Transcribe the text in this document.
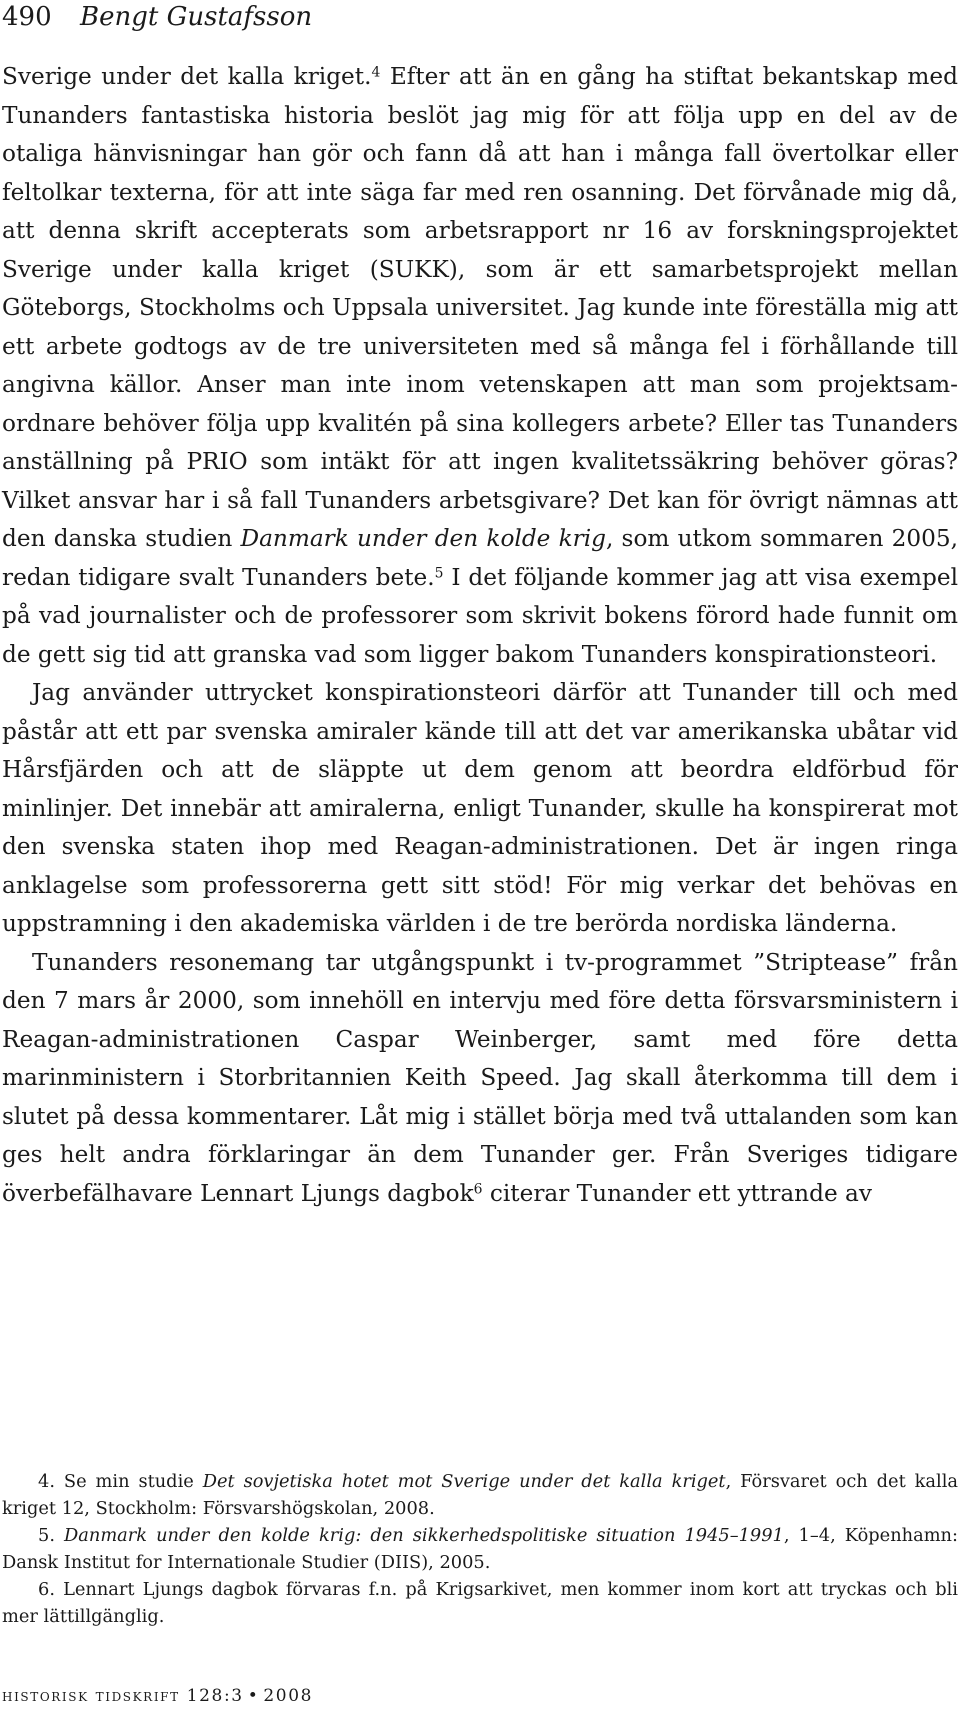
490 Bengt Gustafsson

Sverige under det kalla kriget.$^4$ Efter att än en gång ha stiftat bekantskap med Tunanders fantastiska historia beslöt jag mig för att följa upp en del av de otaliga hänvisningar han gör och fann då att han i många fall övertolkar eller feltolkar texterna, för att inte säga far med ren osanning. Det förvånade mig då, att denna skrift accepterats som arbetsrapport nr 16 av forskningsprojektet Sverige under kalla kriget (SUKK), som är ett samarbetsprojekt mellan Göteborgs, Stockholms och Uppsala universitet. Jag kunde inte föreställa mig att ett arbete godtogs av de tre universiteten med så många fel i förhållande till angivna källor. Anser man inte inom vetenskapen att man som projektsamordnare behöver följa upp kvalitén på sina kollegers arbete? Eller tas Tunanders anställning på PRIO som intäkt för att ingen kvalitetssäkring behöver göras? Vilket ansvar har i så fall Tunanders arbetsgivare? Det kan för övrigt nämnas att den danska studien Danmark under den kolde krig, som utkom sommaren 2005, redan tidigare svalt Tunanders bete.$^5$ I det följande kommer jag att visa exempel på vad journalister och de professorer som skrivit bokens förord hade funnit om de gett sig tid att granska vad som ligger bakom Tunanders konspirationsteori.

Jag använder uttrycket konspirationsteori därför att Tunander till och med påstår att ett par svenska amiraler kände till att det var amerikanska ubåtar vid Hårsfjärden och att de släppte ut dem genom att beordra eldförbud för minlinjer. Det innebär att amiralerna, enligt Tunander, skulle ha konspirerat mot den svenska staten ihop med Reagan-administrationen. Det är ingen ringa anklagelse som professorerna gett sitt stöd! För mig verkar det behövas en uppstramning i den akademiska världen i de tre berörda nordiska länderna.

Tunanders resonemang tar utgångspunkt i tv-programmet ”Striptease” från den 7 mars år 2000, som innehöll en intervju med före detta försvarsministern i Reagan-administrationen Caspar Weinberger, samt med före detta marinministern i Storbritannien Keith Speed. Jag skall återkomma till dem i slutet på dessa kommentarer. Låt mig i stället börja med två uttalanden som kan ges helt andra förklaringar än dem Tunander ger. Från Sveriges tidigare överbefälhavare Lennart Ljungs dagbok$^6$ citerar Tunander ett yttrande av

4. Se min studie Det sovjetiska hotet mot Sverige under det kalla kriget, Försvaret och det kalla kriget 12, Stockholm: Försvarshögskolan, 2008.

5. Danmark under den kolde krig: den sikkerhedspolitiske situation 1945–1991, 1–4, Köpenhamn: Dansk Institut for Internationale Studier (DIIS), 2005.

6. Lennart Ljungs dagbok förvaras f.n. på Krigsarkivet, men kommer inom kort att tryckas och bli mer lättillgänglig.

historisk tidskrift 128:3 • 2008
